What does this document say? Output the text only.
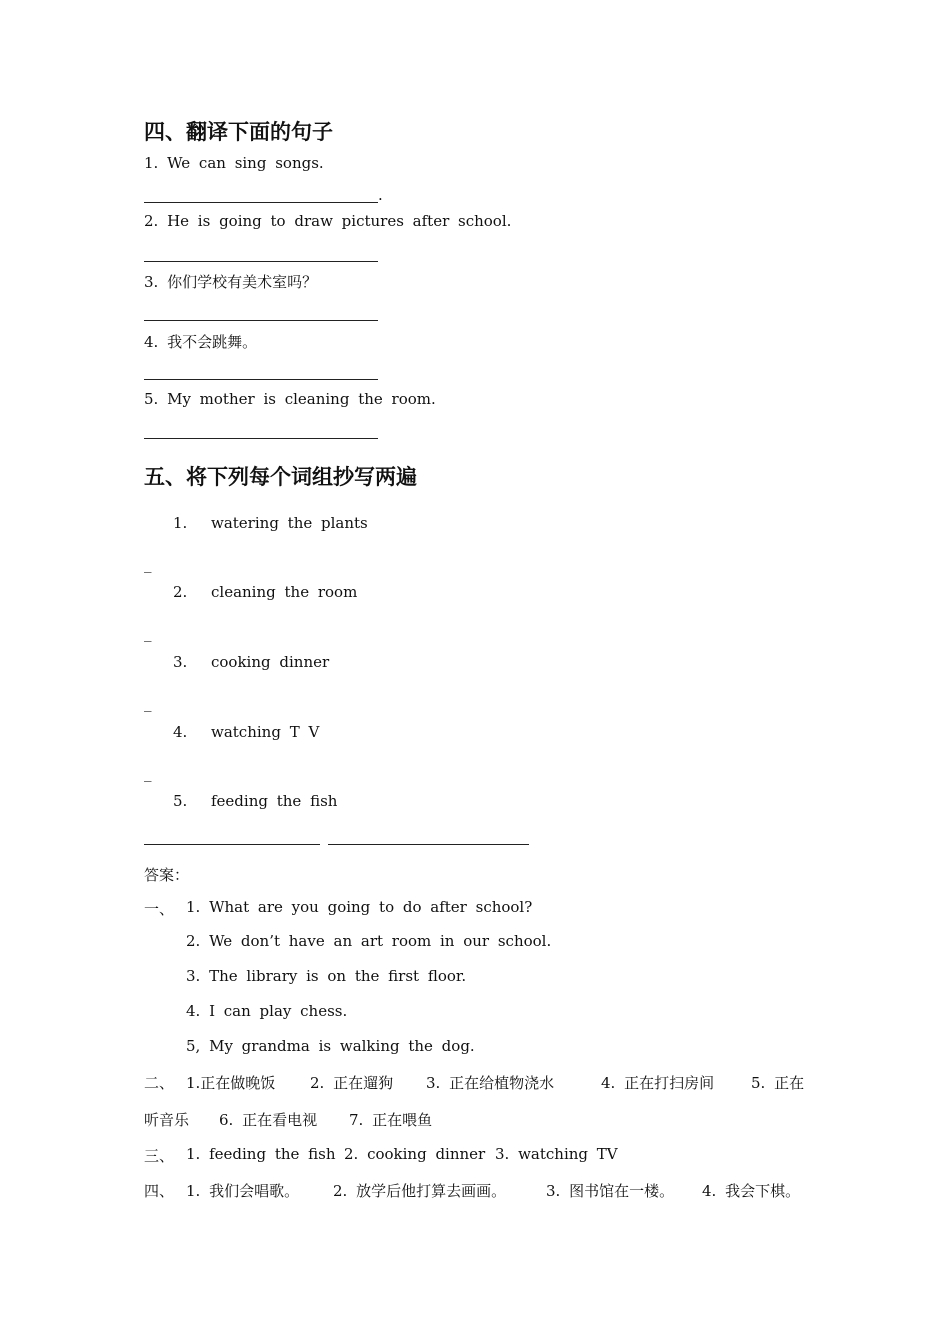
四、翻译下面的句子
1. We can sing songs.
.
2. He is going to draw pictures after school.
3. 你们学校有美术室吗？
4. 我不会跳舞。
5. My mother is cleaning the room.
五、将下列每个词组抄写两遍
1. watering the plants
_
2. cleaning the room
_
3. cooking dinner
_
4. watching T V
_
5. feeding the fish
答案：
一、 1. What are you going to do after school?
2. We don’t have an art room in our school.
3. The library is on the first floor.
4. I can play chess.
5, My grandma is walking the dog.
二、 1.正在做晚饭 2. 正在遛狗 3. 正在给植物浇水	4. 正在打扫房间 5. 正在
听音乐 6. 正在看电视 7. 正在喂鱼
三、 1. feeding the fish 2. cooking dinner 3. watching TV
四、 1. 我们会唱歌。 2. 放学后他打算去画画。	3. 图书馆在一楼。 4. 我会下棋。
